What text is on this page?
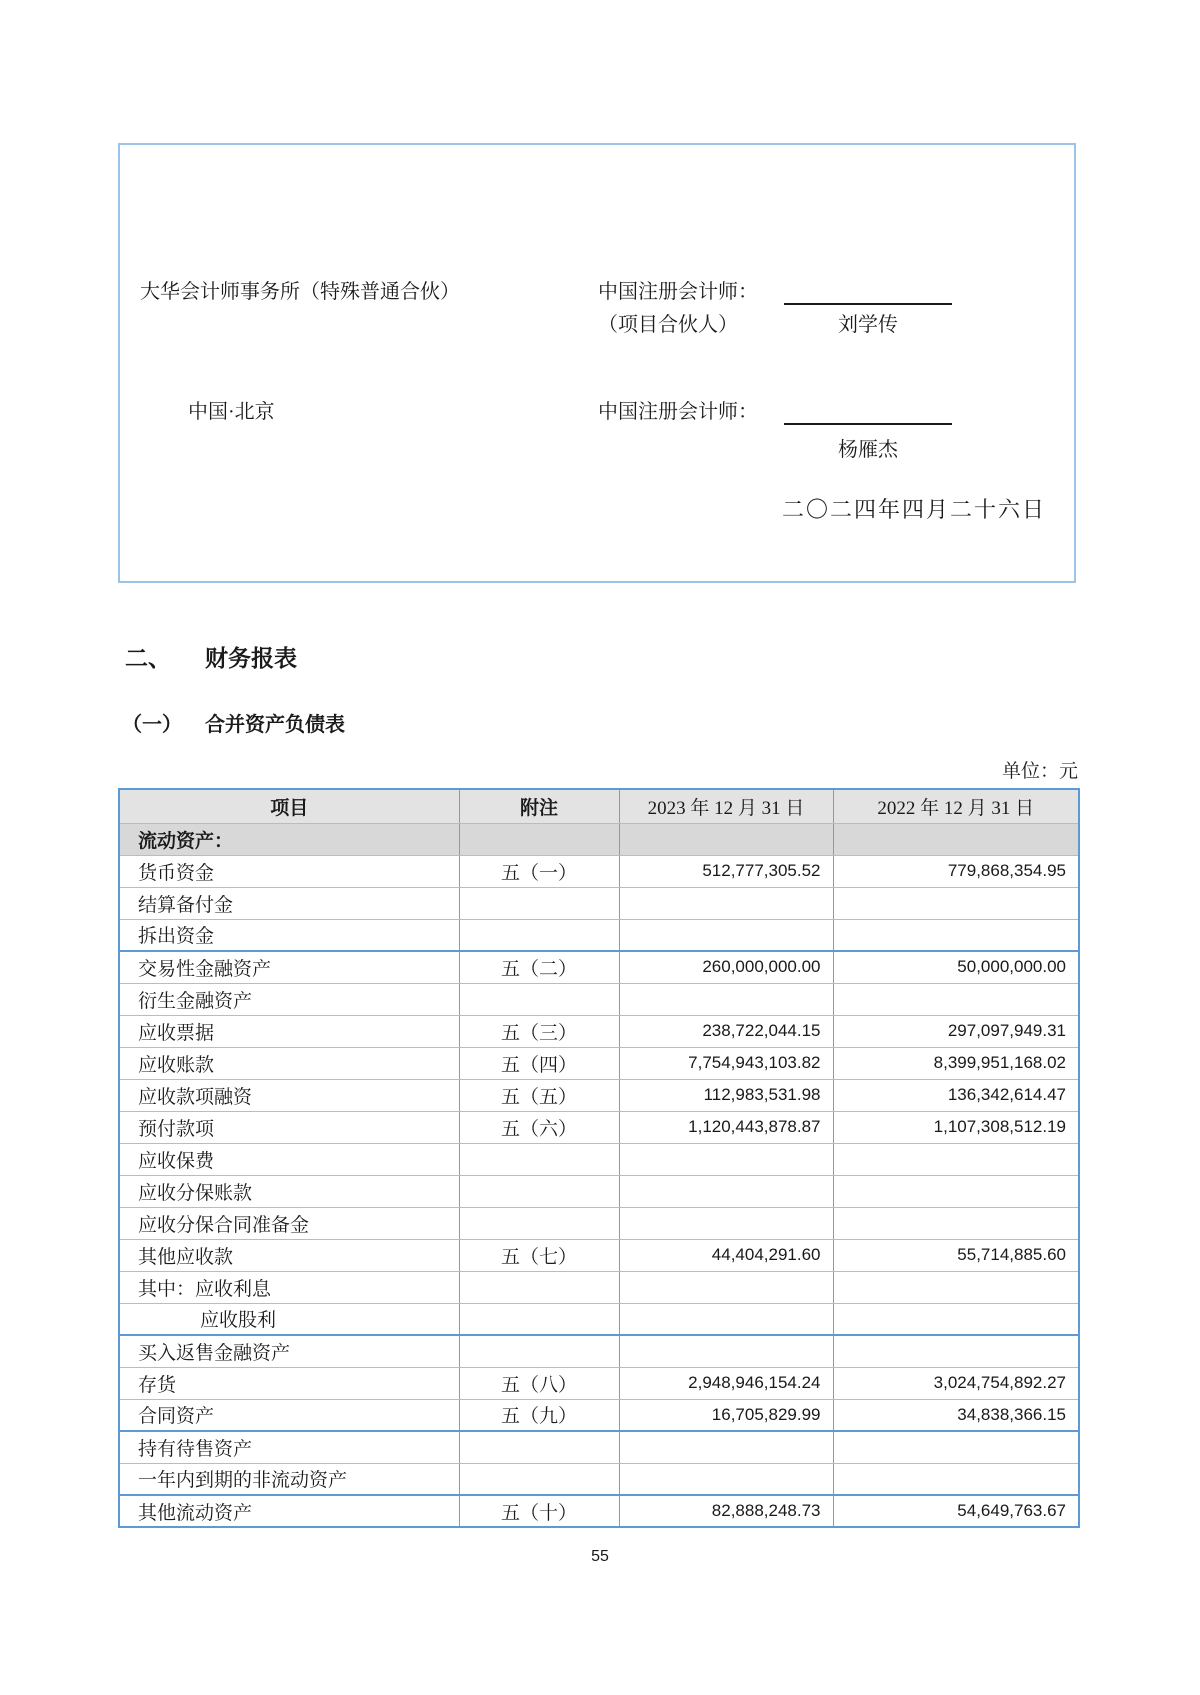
大华会计师事务所（特殊普通合伙）	中国注册会计师：
（项目合伙人）	刘学传
中国·北京	中国注册会计师：
杨雁杰
二〇二四年四月二十六日
二、 财务报表
（一） 合并资产负债表
单位：元
项目	附注	2023 年 12 月 31 日	2022 年 12 月 31 日
流动资产：			
货币资金	五（一）	512,777,305.52	779,868,354.95
结算备付金			
拆出资金			
交易性金融资产	五（二）	260,000,000.00	50,000,000.00
衍生金融资产			
应收票据	五（三）	238,722,044.15	297,097,949.31
应收账款	五（四）	7,754,943,103.82	8,399,951,168.02
应收款项融资	五（五）	112,983,531.98	136,342,614.47
预付款项	五（六）	1,120,443,878.87	1,107,308,512.19
应收保费			
应收分保账款			
应收分保合同准备金			
其他应收款	五（七）	44,404,291.60	55,714,885.60
其中：应收利息			
应收股利			
买入返售金融资产			
存货	五（八）	2,948,946,154.24	3,024,754,892.27
合同资产	五（九）	16,705,829.99	34,838,366.15
持有待售资产			
一年内到期的非流动资产			
其他流动资产	五（十）	82,888,248.73	54,649,763.67
55
